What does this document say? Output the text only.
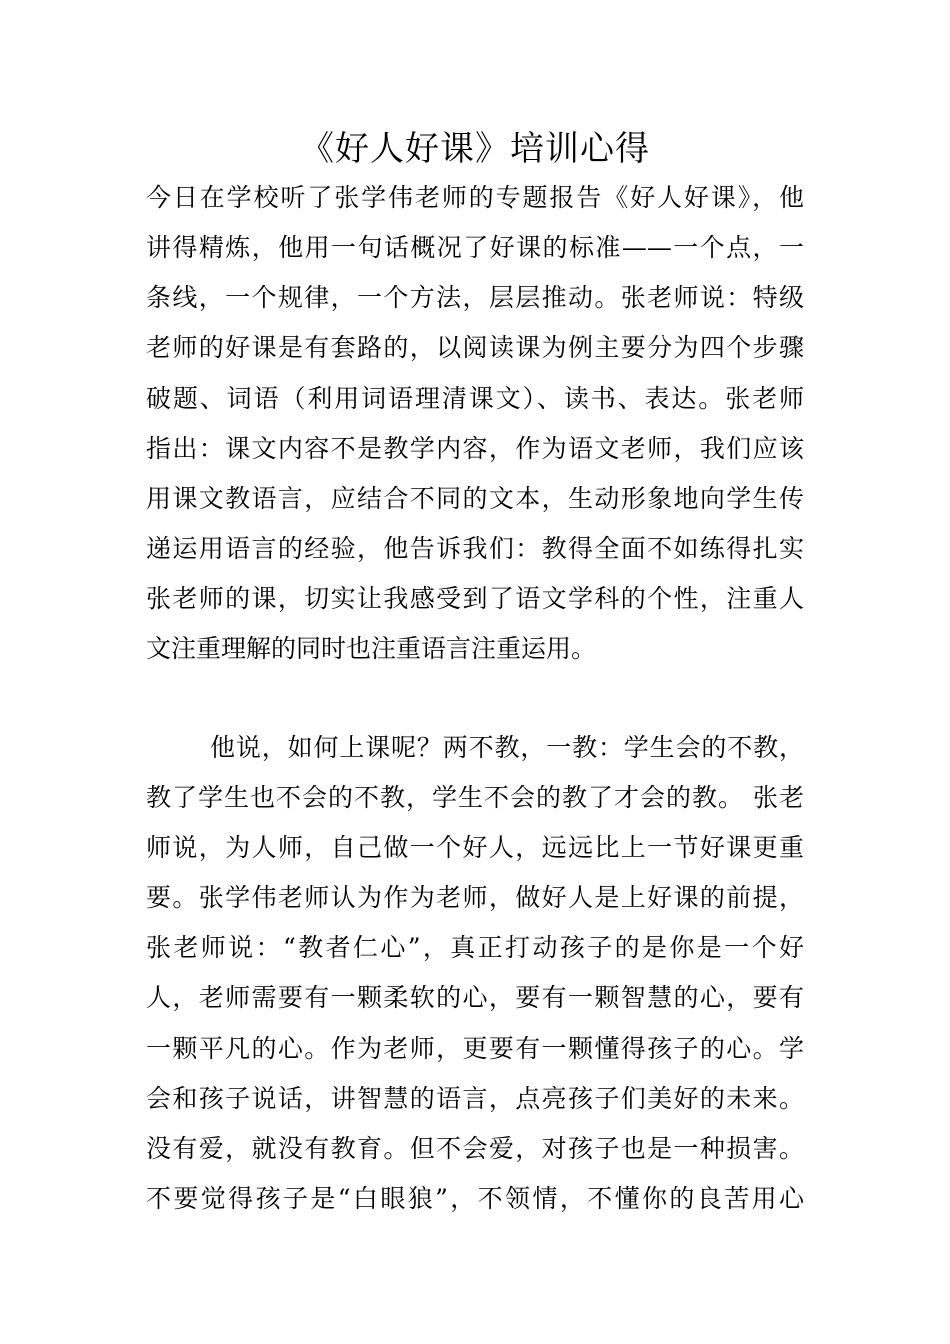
《好人好课》培训心得
今日在学校听了张学伟老师的专题报告《好人好课》，他
讲得精炼，他用一句话概况了好课的标准——一个点，一
条线，一个规律，一个方法，层层推动。张老师说：特级
老师的好课是有套路的，以阅读课为例主要分为四个步骤
破题、词语（利用词语理清课文）、读书、表达。张老师
指出：课文内容不是教学内容，作为语文老师，我们应该
用课文教语言，应结合不同的文本，生动形象地向学生传
递运用语言的经验，他告诉我们：教得全面不如练得扎实
张老师的课，切实让我感受到了语文学科的个性，注重人
文注重理解的同时也注重语言注重运用。
他说，如何上课呢？两不教，一教：学生会的不教，
教了学生也不会的不教，学生不会的教了才会的教。 张老
师说，为人师，自己做一个好人，远远比上一节好课更重
要。张学伟老师认为作为老师，做好人是上好课的前提，
张老师说：“教者仁心”，真正打动孩子的是你是一个好
人，老师需要有一颗柔软的心，要有一颗智慧的心，要有
一颗平凡的心。作为老师，更要有一颗懂得孩子的心。学
会和孩子说话，讲智慧的语言，点亮孩子们美好的未来。
没有爱，就没有教育。但不会爱，对孩子也是一种损害。
不要觉得孩子是“白眼狼”，不领情，不懂你的良苦用心
